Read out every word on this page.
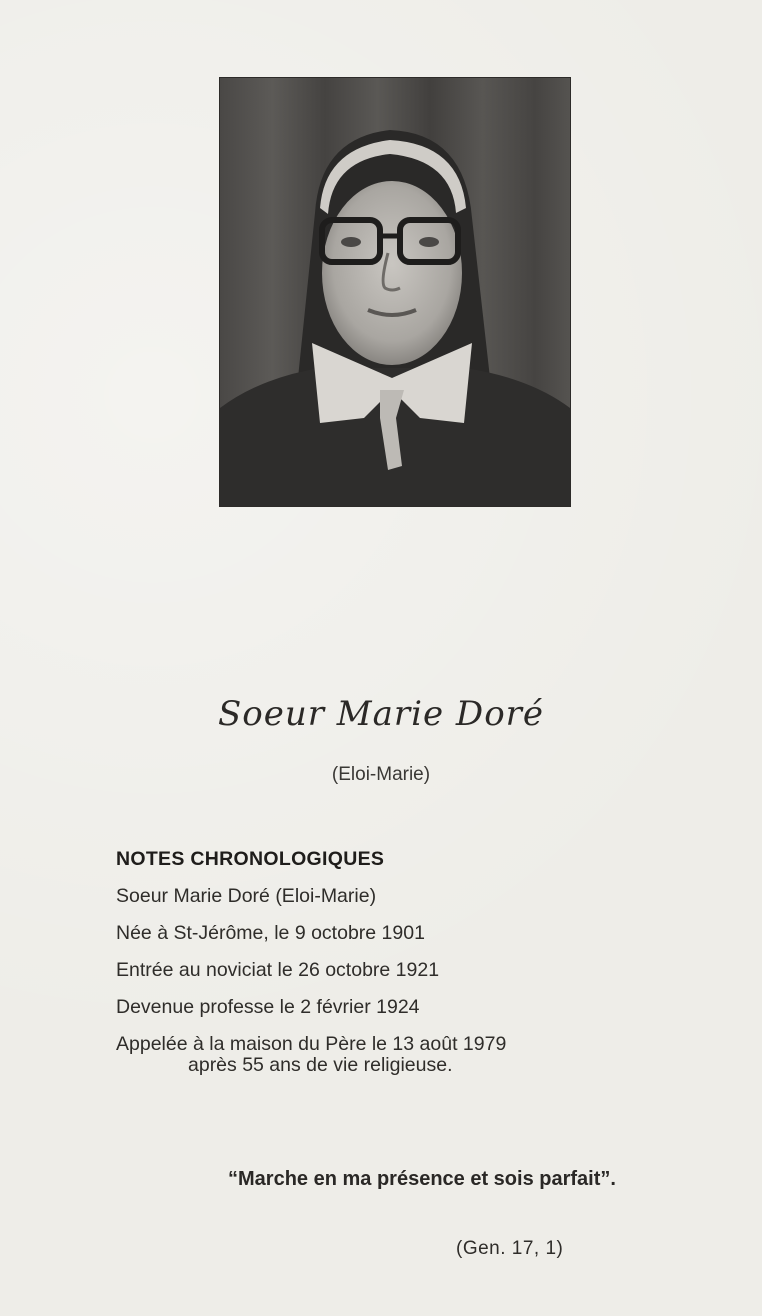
Soeur Marie Doré
(Eloi-Marie)
NOTES CHRONOLOGIQUES
Soeur Marie Doré (Eloi-Marie)
Née à St-Jérôme, le 9 octobre 1901
Entrée au noviciat le 26 octobre 1921
Devenue professe le 2 février 1924
Appelée à la maison du Père le 13 août 1979
après 55 ans de vie religieuse.
“Marche en ma présence et sois parfait”.
(Gen. 17, 1)
